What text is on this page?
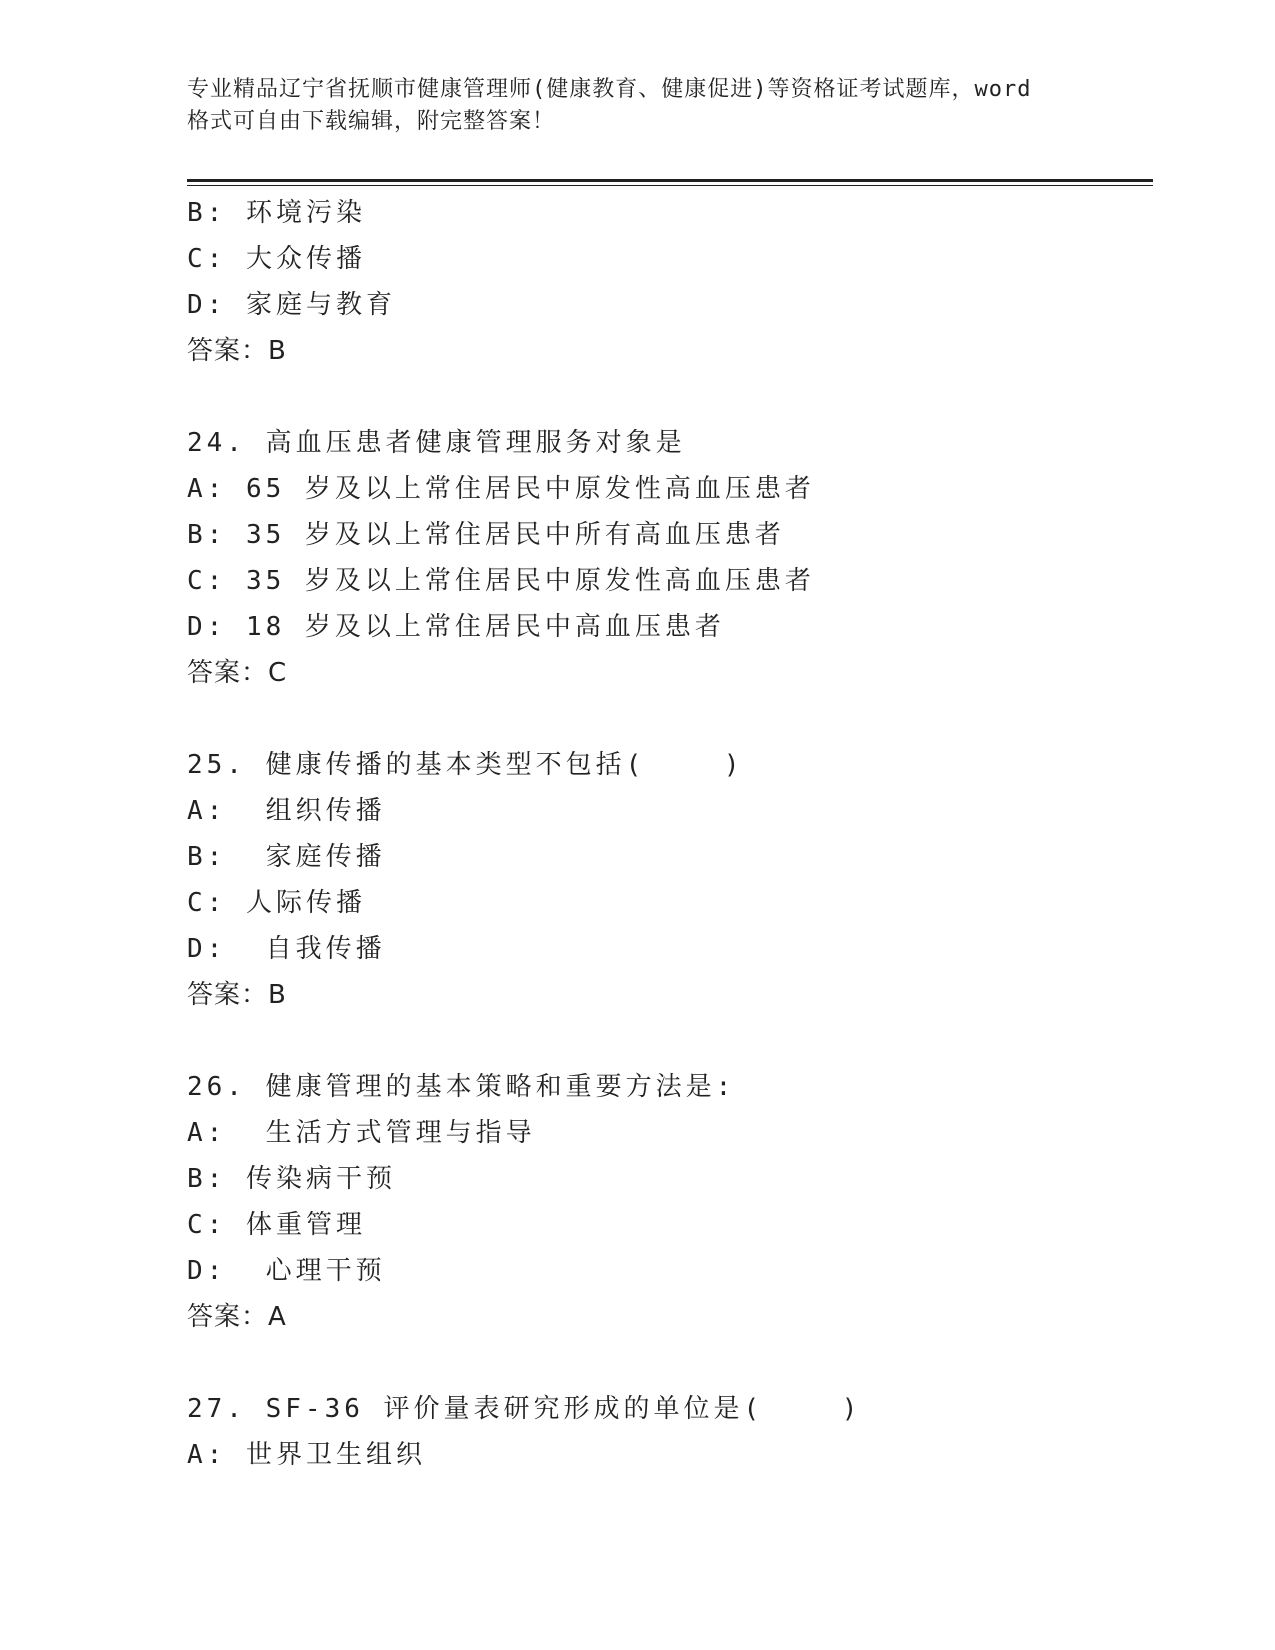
专业精品辽宁省抚顺市健康管理师(健康教育、健康促进)等资格证考试题库，word
格式可自由下载编辑，附完整答案！
B: 环境污染
C: 大众传播
D: 家庭与教育
答案：B
24. 高血压患者健康管理服务对象是
A: 65 岁及以上常住居民中原发性高血压患者
B: 35 岁及以上常住居民中所有高血压患者
C: 35 岁及以上常住居民中原发性高血压患者
D: 18 岁及以上常住居民中高血压患者
答案：C
25. 健康传播的基本类型不包括(    )
A:  组织传播
B:  家庭传播
C: 人际传播
D:  自我传播
答案：B
26. 健康管理的基本策略和重要方法是:
A:  生活方式管理与指导
B: 传染病干预
C: 体重管理
D:  心理干预
答案：A
27. SF-36 评价量表研究形成的单位是(    )
A: 世界卫生组织
